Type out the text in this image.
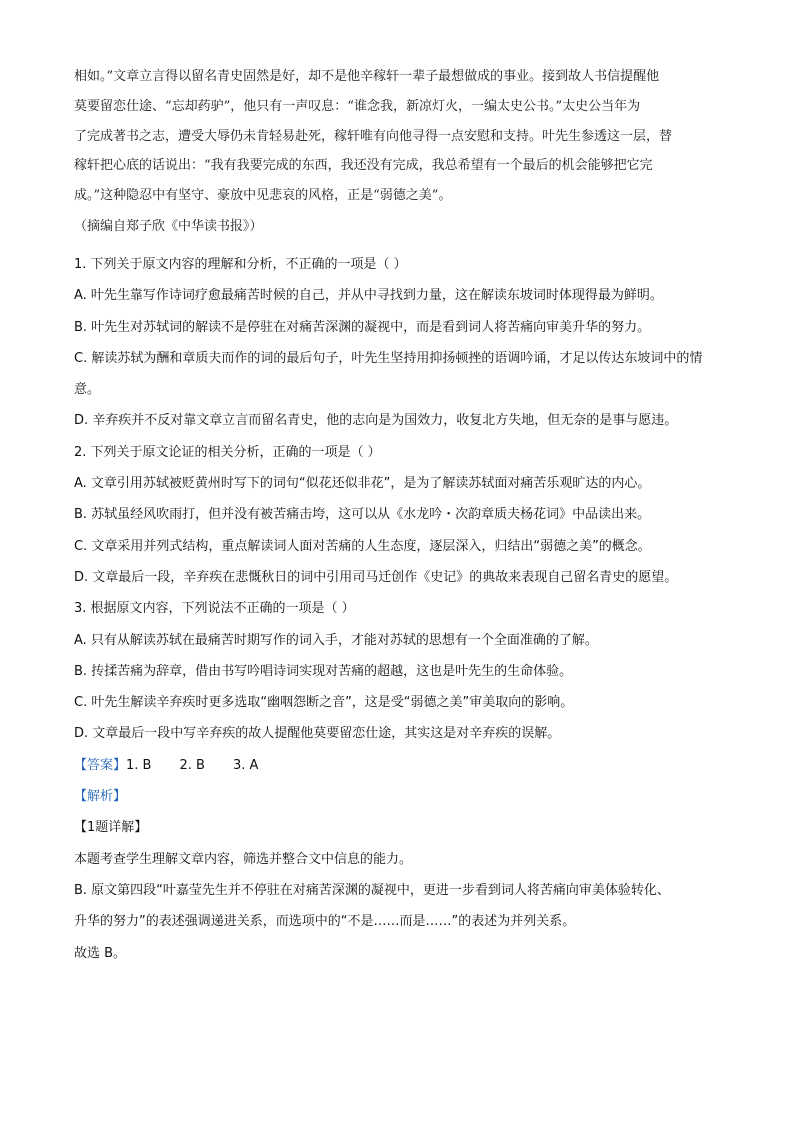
相如。”文章立言得以留名青史固然是好，却不是他辛稼轩一辈子最想做成的事业。接到故人书信提醒他

莫要留恋仕途、“忘却药驴”，他只有一声叹息：“谁念我，新凉灯火，一编太史公书。”太史公当年为

了完成著书之志，遭受大辱仍未肯轻易赴死，稼轩唯有向他寻得一点安慰和支持。叶先生参透这一层，替

稼轩把心底的话说出：“我有我要完成的东西，我还没有完成，我总希望有一个最后的机会能够把它完

成。”这种隐忍中有坚守、豪放中见悲哀的风格，正是“弱德之美”。

（摘编自郑子欣《中华读书报》）

1. 下列关于原文内容的理解和分析，不正确的一项是（ ）

A. 叶先生靠写作诗词疗愈最痛苦时候的自己，并从中寻找到力量，这在解读东坡词时体现得最为鲜明。

B. 叶先生对苏轼词的解读不是停驻在对痛苦深渊的凝视中，而是看到词人将苦痛向审美升华的努力。

C. 解读苏轼为酬和章质夫而作的词的最后句子，叶先生坚持用抑扬顿挫的语调吟诵，才足以传达东坡词中的情意。

D. 辛弃疾并不反对靠文章立言而留名青史，他的志向是为国效力，收复北方失地，但无奈的是事与愿违。

2. 下列关于原文论证的相关分析，正确的一项是（ ）

A. 文章引用苏轼被贬黄州时写下的词句“似花还似非花”，是为了解读苏轼面对痛苦乐观旷达的内心。

B. 苏轼虽经风吹雨打，但并没有被苦痛击垮，这可以从《水龙吟・次韵章质夫杨花词》中品读出来。

C. 文章采用并列式结构，重点解读词人面对苦痛的人生态度，逐层深入，归结出“弱德之美”的概念。

D. 文章最后一段，辛弃疾在悲慨秋日的词中引用司马迁创作《史记》的典故来表现自己留名青史的愿望。

3. 根据原文内容，下列说法不正确的一项是（ ）

A. 只有从解读苏轼在最痛苦时期写作的词入手，才能对苏轼的思想有一个全面准确的了解。

B. 抟揉苦痛为辞章，借由书写吟唱诗词实现对苦痛的超越，这也是叶先生的生命体验。

C. 叶先生解读辛弃疾时更多选取“幽咽怨断之音”，这是受“弱德之美”审美取向的影响。

D. 文章最后一段中写辛弃疾的故人提醒他莫要留恋仕途，其实这是对辛弃疾的误解。

【答案】1. B 2. B 3. A

【解析】

【1题详解】

本题考查学生理解文章内容，筛选并整合文中信息的能力。

B. 原文第四段“叶嘉莹先生并不停驻在对痛苦深渊的凝视中，更进一步看到词人将苦痛向审美体验转化、

升华的努力”的表述强调递进关系，而选项中的“不是……而是……”的表述为并列关系。

故选 B。
